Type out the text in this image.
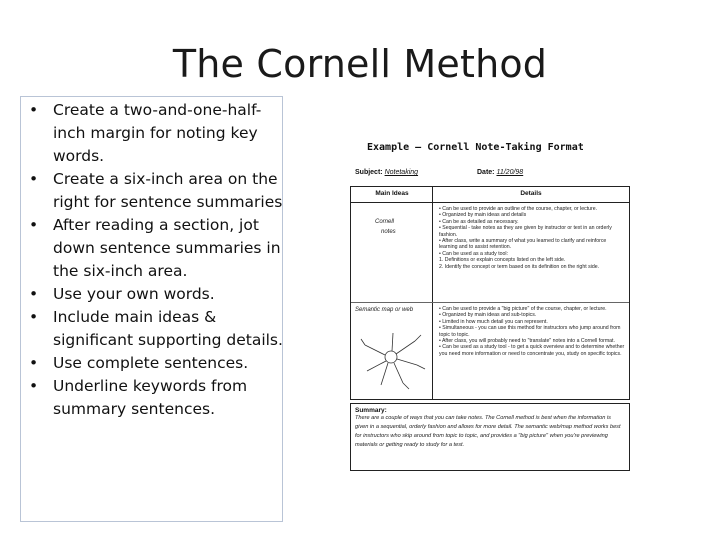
The Cornell Method
• Create a two-and-one-half-inch margin for noting key words.
• Create a six-inch area on the right for sentence summaries
• After reading a section, jot down sentence summaries in the six-inch area.
• Use your own words.
• Include main ideas & significant supporting details.
• Use complete sentences.
• Underline keywords from summary sentences.
Example – Cornell Note-Taking Format
Subject: Notetaking	Date: 11/20/98
Main Ideas	Details
Cornell
notes
Semantic map or web

• Can be used to provide an outline of the course, chapter, or lecture.

• Organized by main ideas and details

• Can be as detailed as necessary.

• Sequential - take notes as they are given by instructor or text in an orderly fashion.

• After class, write a summary of what you learned to clarify and reinforce learning and to assist retention.

• Can be used as a study tool:

1. Definitions or explain concepts listed on the left side.

2. Identify the concept or term based on its definition on the right side.

• Can be used to provide a "big picture" of the course, chapter, or lecture.

• Organized by main ideas and sub-topics.

• Limited in how much detail you can represent.

• Simultaneous - you can use this method for instructors who jump around from topic to topic.

• After class, you will probably need to "translate" notes into a Cornell format.

• Can be used as a study tool - to get a quick overview and to determine whether you need more information or need to concentrate you, study on specific topics.

Summary:
There are a couple of ways that you can take notes. The Cornell method is best when the information is given in a sequential, orderly fashion and allows for more detail. The semantic web/map method works best for instructors who skip around from topic to topic, and provides a "big picture" when you're previewing materials or getting ready to study for a test.
